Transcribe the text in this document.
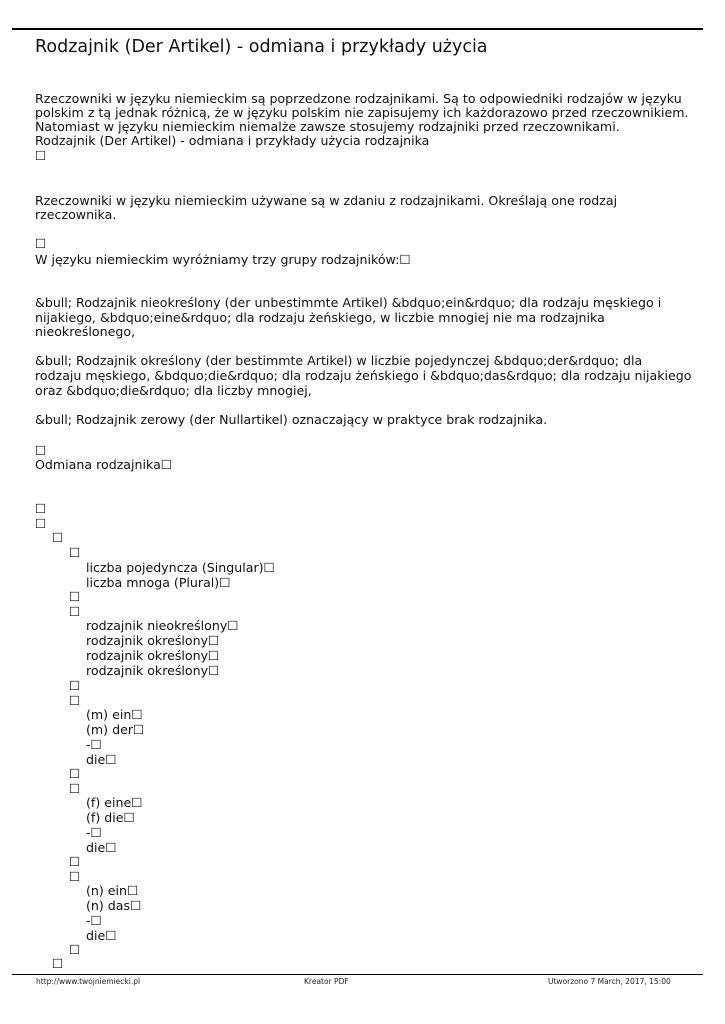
Rodzajnik (Der Artikel) - odmiana i przykłady użycia
Rzeczowniki w języku niemieckim są poprzedzone rodzajnikami. Są to odpowiedniki rodzajów w języku
polskim z tą jednak różnicą, że w języku polskim nie zapisujemy ich każdorazowo przed rzeczownikiem.
Natomiast w języku niemieckim niemalże zawsze stosujemy rodzajniki przed rzeczownikami.
Rodzajnik (Der Artikel) - odmiana i przykłady użycia rodzajnika
☐
Rzeczowniki w języku niemieckim używane są w zdaniu z rodzajnikami. Określają one rodzaj
rzeczownika.
☐
W języku niemieckim wyróżniamy trzy grupy rodzajników:☐
&bull; Rodzajnik nieokreślony (der unbestimmte Artikel) &bdquo;ein&rdquo; dla rodzaju męskiego i
nijakiego, &bdquo;eine&rdquo; dla rodzaju żeńskiego, w liczbie mnogiej nie ma rodzajnika
nieokreślonego,
&bull; Rodzajnik określony (der bestimmte Artikel) w liczbie pojedynczej &bdquo;der&rdquo; dla
rodzaju męskiego, &bdquo;die&rdquo; dla rodzaju żeńskiego i &bdquo;das&rdquo; dla rodzaju nijakiego
oraz &bdquo;die&rdquo; dla liczby mnogiej,
&bull; Rodzajnik zerowy (der Nullartikel) oznaczający w praktyce brak rodzajnika.
☐
Odmiana rodzajnika☐
☐
☐
☐
☐
liczba pojedyncza (Singular)☐
liczba mnoga (Plural)☐
☐
☐
rodzajnik nieokreślony☐
rodzajnik określony☐
rodzajnik określony☐
rodzajnik określony☐
☐
☐
(m) ein☐
(m) der☐
-☐
die☐
☐
☐
(f) eine☐
(f) die☐
-☐
die☐
☐
☐
(n) ein☐
(n) das☐
-☐
die☐
☐
☐
http://www.twojniemiecki.pl	Kreator PDF	Utworzono 7 March, 2017, 15:00
